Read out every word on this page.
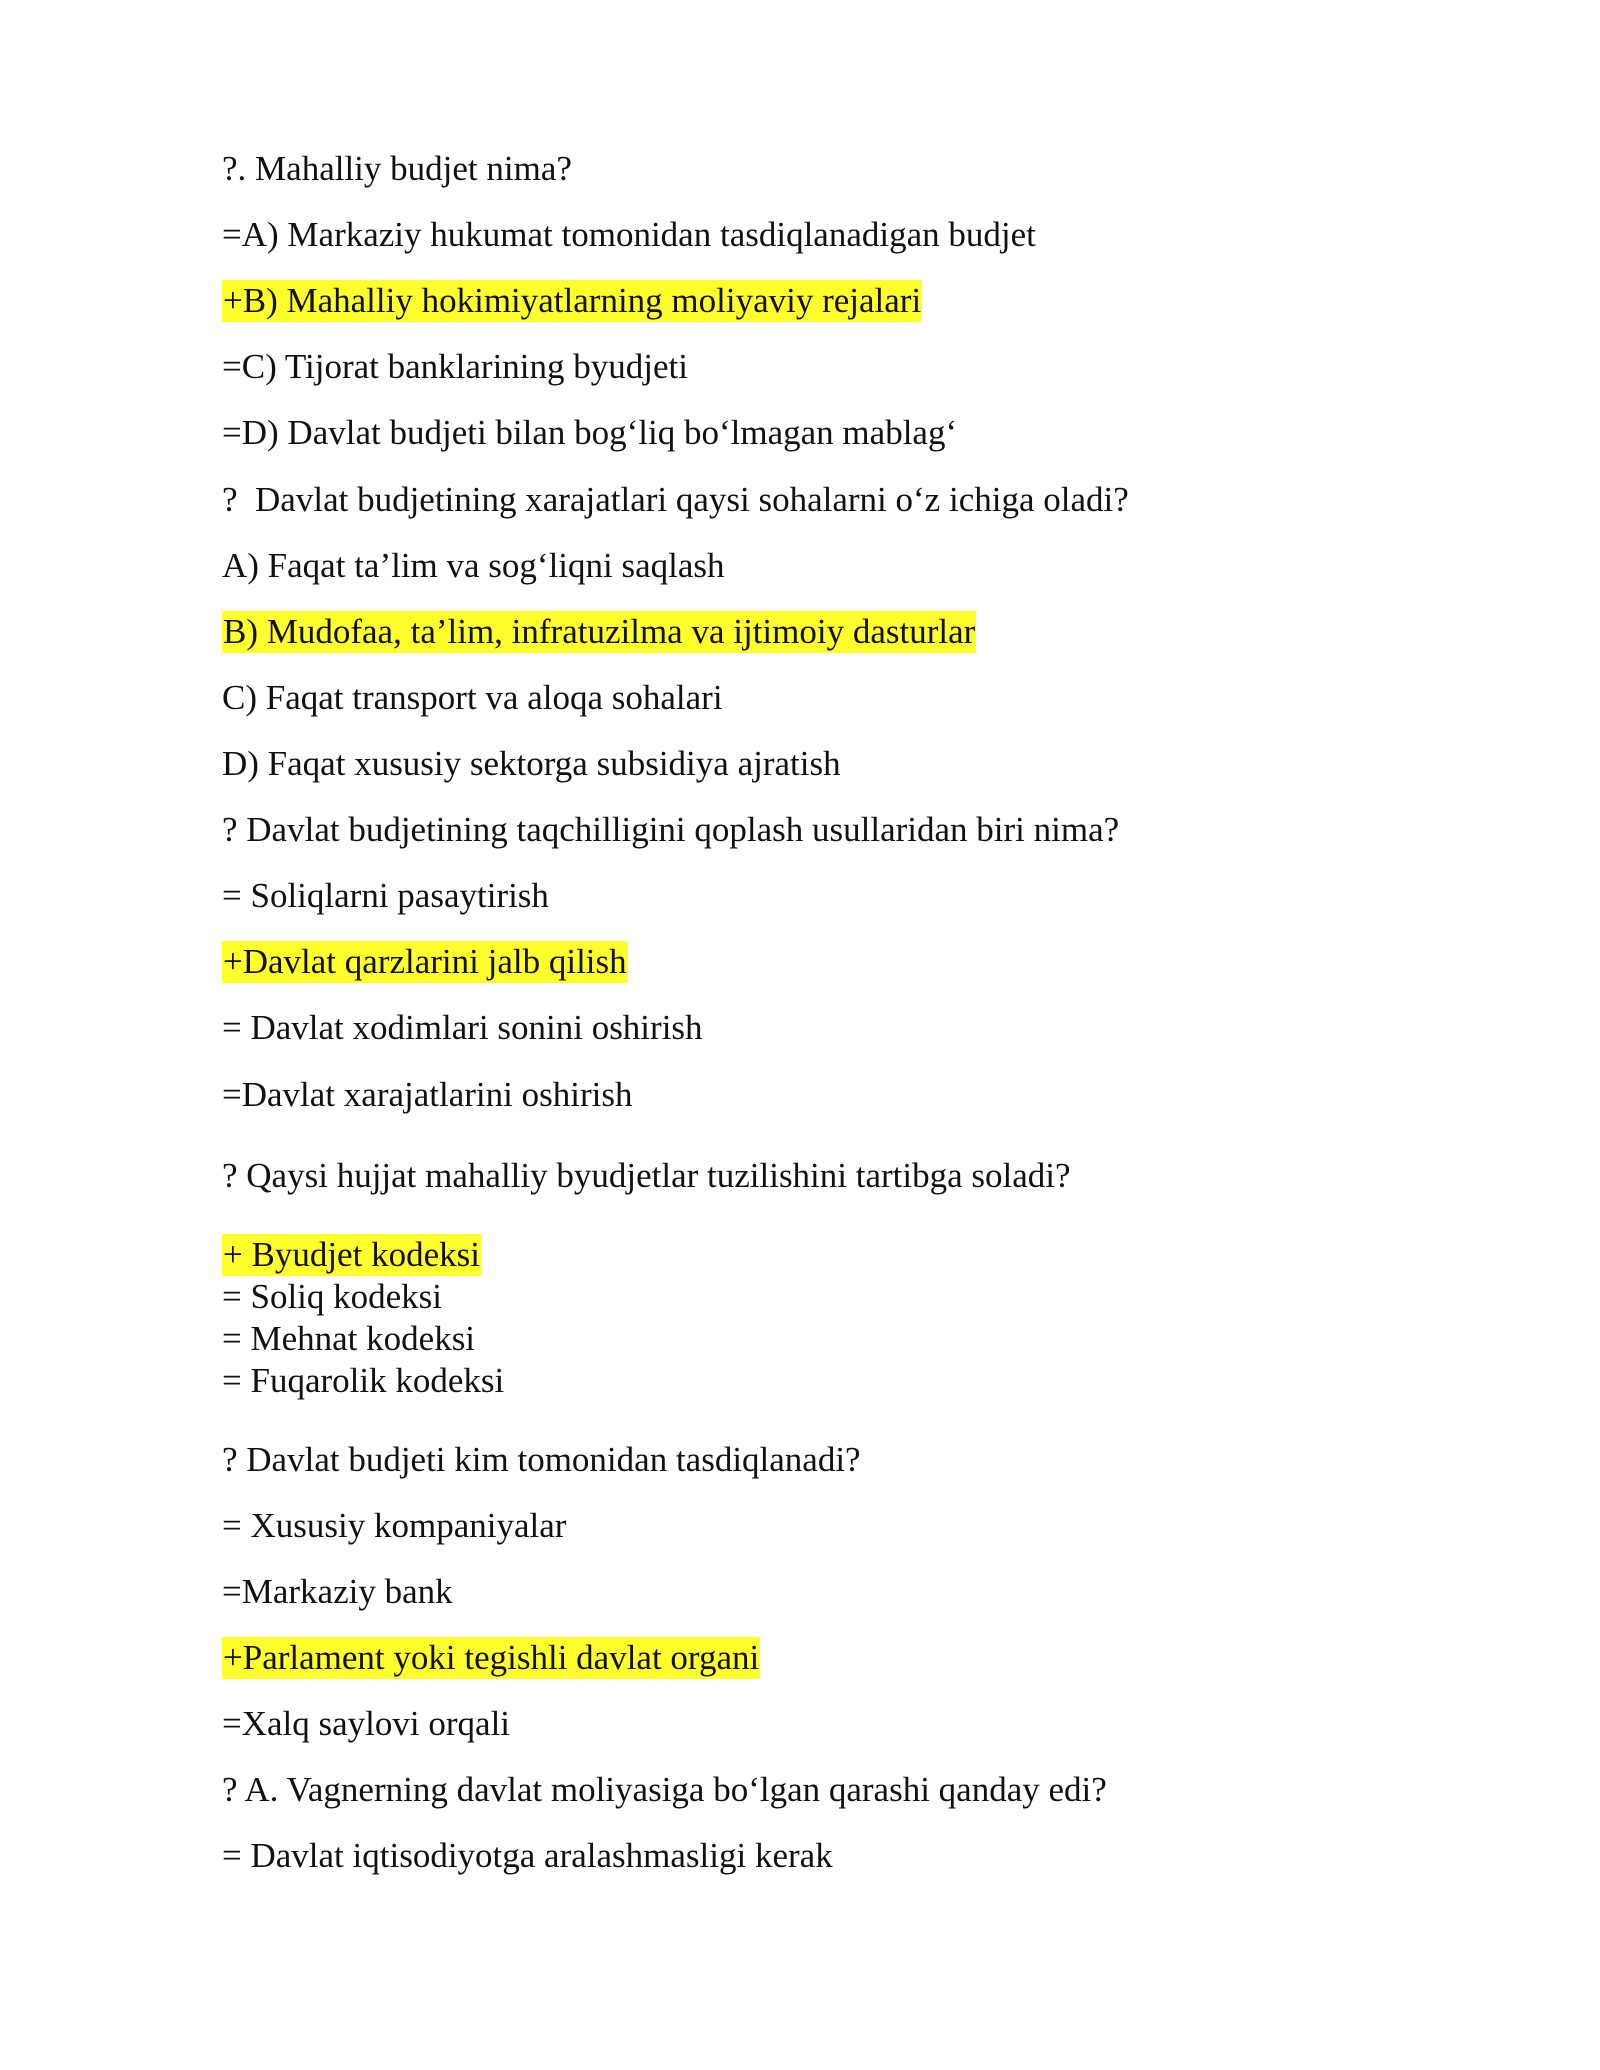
?. Mahalliy budjet nima?
=A) Markaziy hukumat tomonidan tasdiqlanadigan budjet
+B) Mahalliy hokimiyatlarning moliyaviy rejalari
=C) Tijorat banklarining byudjeti
=D) Davlat budjeti bilan bog‘liq bo‘lmagan mablag‘
?  Davlat budjetining xarajatlari qaysi sohalarni o‘z ichiga oladi?
A) Faqat ta’lim va sog‘liqni saqlash
B) Mudofaa, ta’lim, infratuzilma va ijtimoiy dasturlar
C) Faqat transport va aloqa sohalari
D) Faqat xususiy sektorga subsidiya ajratish
? Davlat budjetining taqchilligini qoplash usullaridan biri nima?
= Soliqlarni pasaytirish
+Davlat qarzlarini jalb qilish
= Davlat xodimlari sonini oshirish
=Davlat xarajatlarini oshirish
? Qaysi hujjat mahalliy byudjetlar tuzilishini tartibga soladi?
+ Byudjet kodeksi
= Soliq kodeksi
= Mehnat kodeksi
= Fuqarolik kodeksi
? Davlat budjeti kim tomonidan tasdiqlanadi?
= Xususiy kompaniyalar
=Markaziy bank
+Parlament yoki tegishli davlat organi
=Xalq saylovi orqali
? A. Vagnerning davlat moliyasiga bo‘lgan qarashi qanday edi?
= Davlat iqtisodiyotga aralashmasligi kerak
